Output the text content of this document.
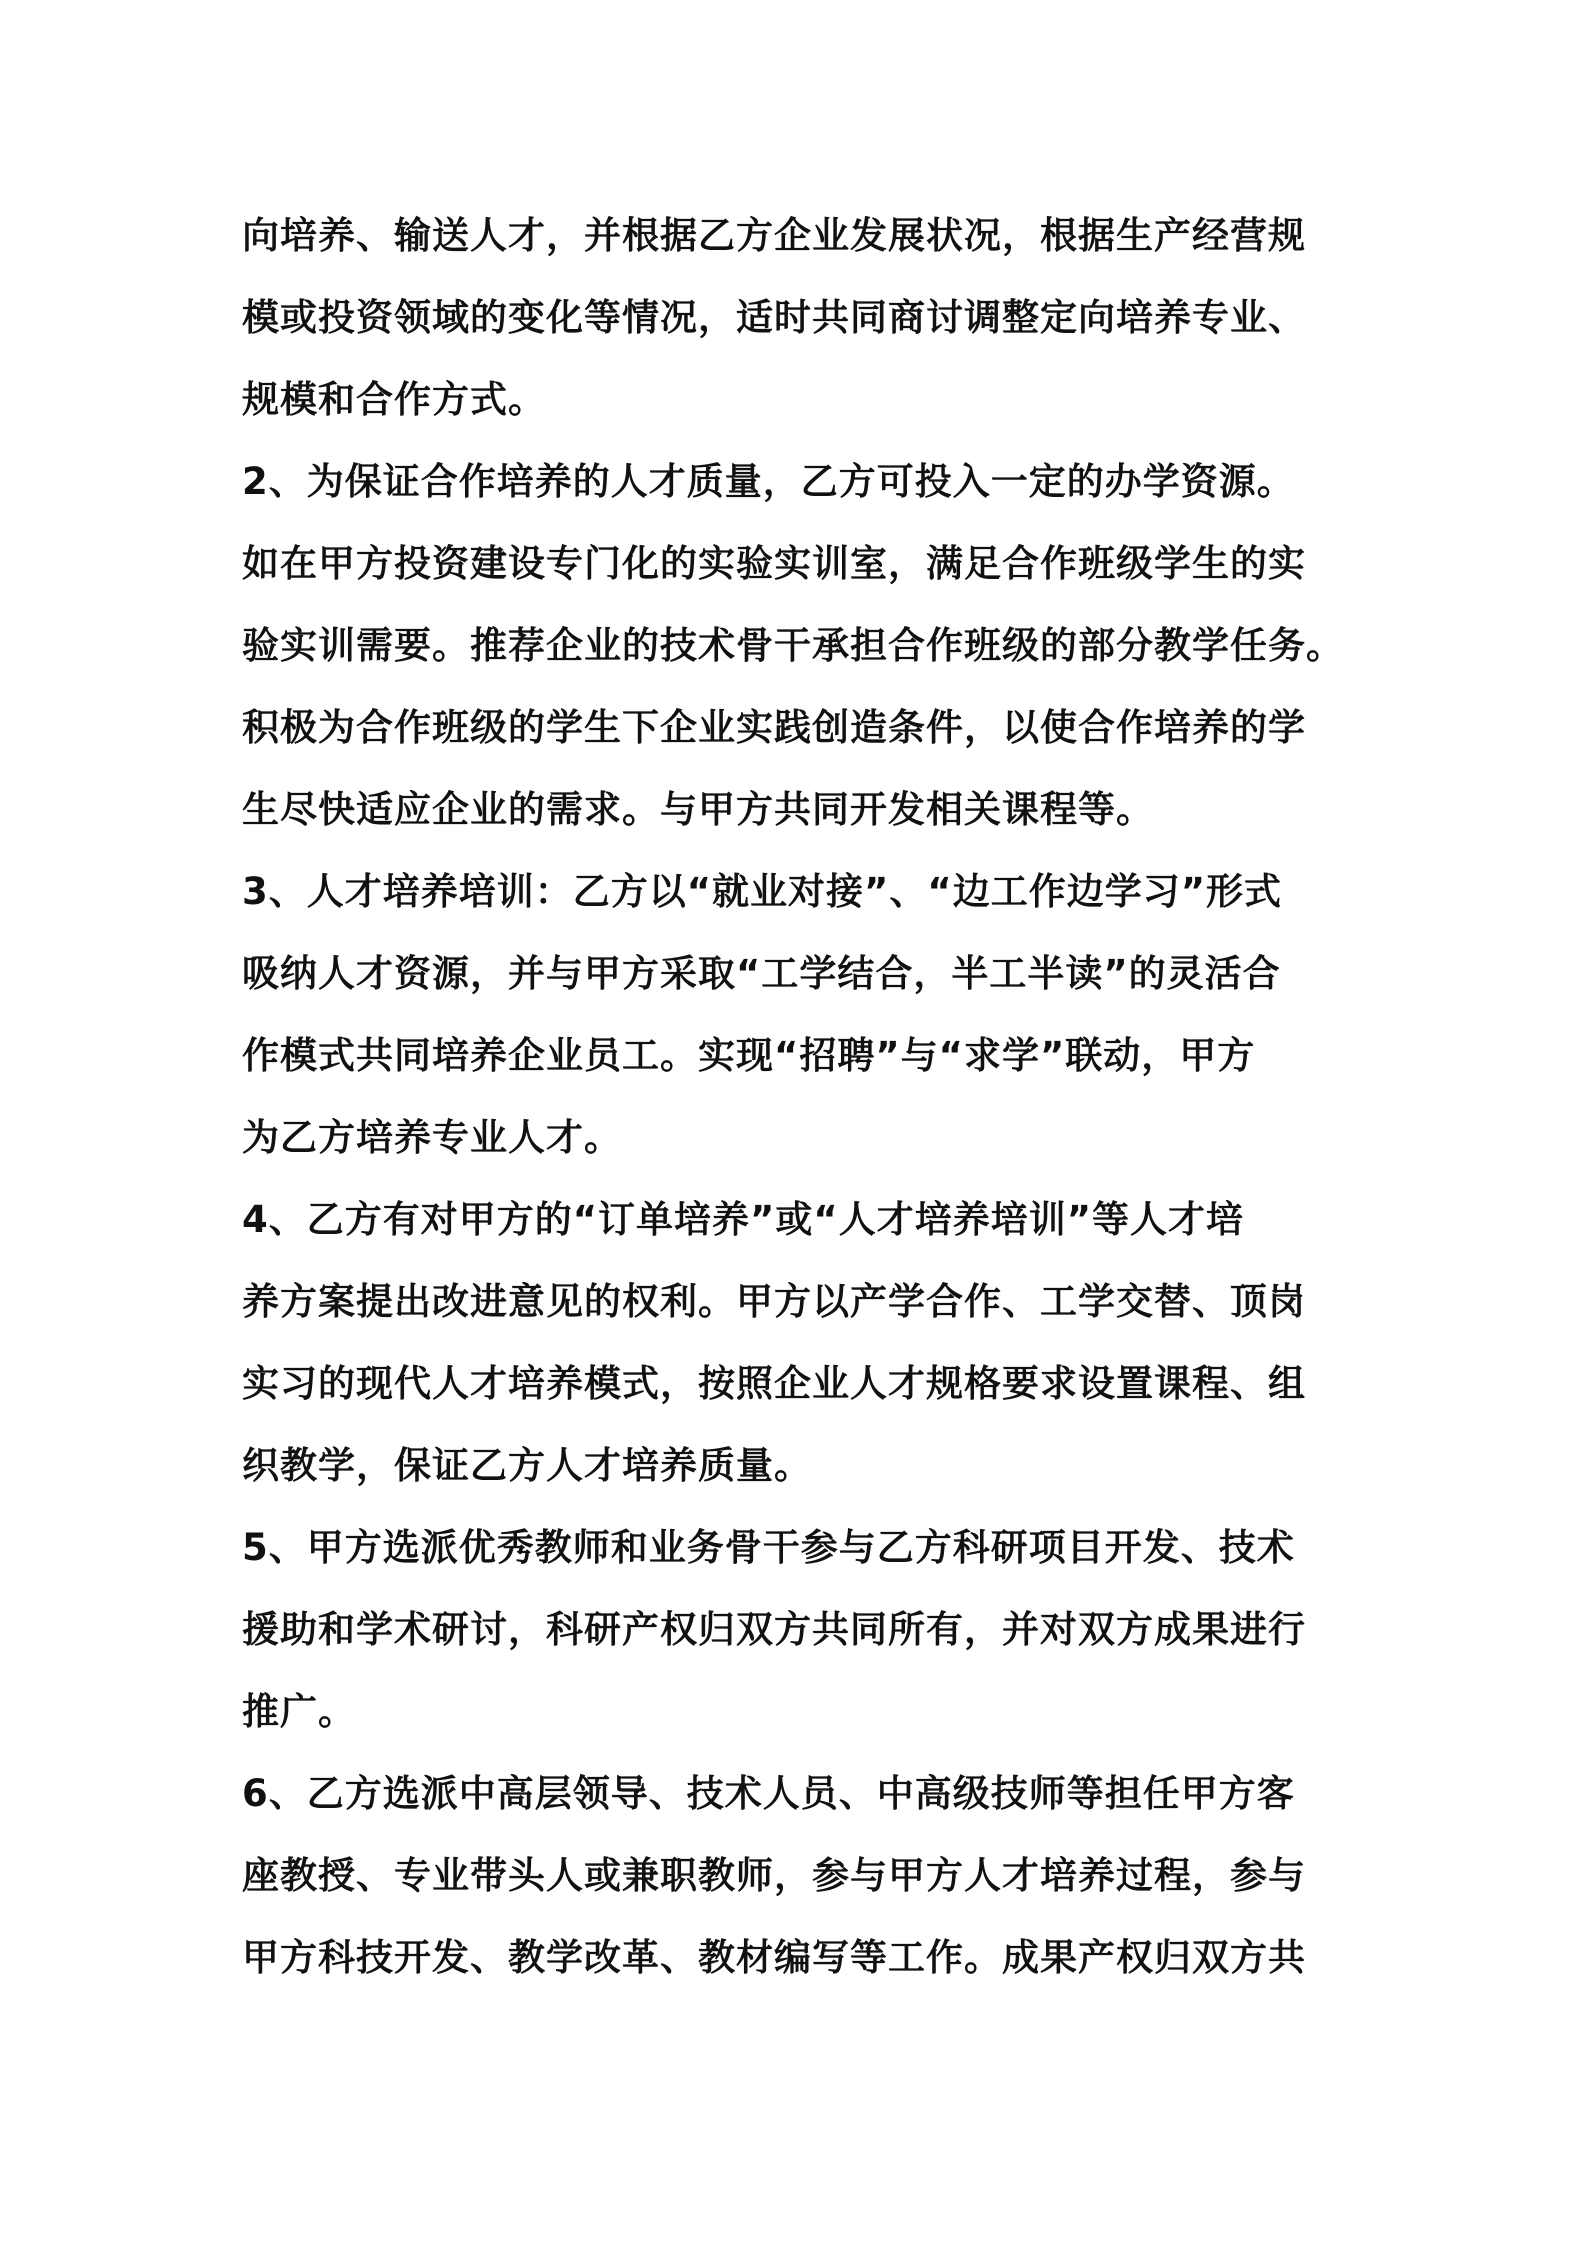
向培养、输送人才，并根据乙方企业发展状况，根据生产经营规
模或投资领域的变化等情况，适时共同商讨调整定向培养专业、
规模和合作方式。
2、为保证合作培养的人才质量，乙方可投入一定的办学资源。
如在甲方投资建设专门化的实验实训室，满足合作班级学生的实
验实训需要。推荐企业的技术骨干承担合作班级的部分教学任务。
积极为合作班级的学生下企业实践创造条件，以使合作培养的学
生尽快适应企业的需求。与甲方共同开发相关课程等。
3、人才培养培训：乙方以“就业对接”、“边工作边学习”形式
吸纳人才资源，并与甲方采取“工学结合，半工半读”的灵活合
作模式共同培养企业员工。实现“招聘”与“求学”联动，甲方
为乙方培养专业人才。
4、乙方有对甲方的“订单培养”或“人才培养培训”等人才培
养方案提出改进意见的权利。甲方以产学合作、工学交替、顶岗
实习的现代人才培养模式，按照企业人才规格要求设置课程、组
织教学，保证乙方人才培养质量。
5、甲方选派优秀教师和业务骨干参与乙方科研项目开发、技术
援助和学术研讨，科研产权归双方共同所有，并对双方成果进行
推广。
6、乙方选派中高层领导、技术人员、中高级技师等担任甲方客
座教授、专业带头人或兼职教师，参与甲方人才培养过程，参与
甲方科技开发、教学改革、教材编写等工作。成果产权归双方共
